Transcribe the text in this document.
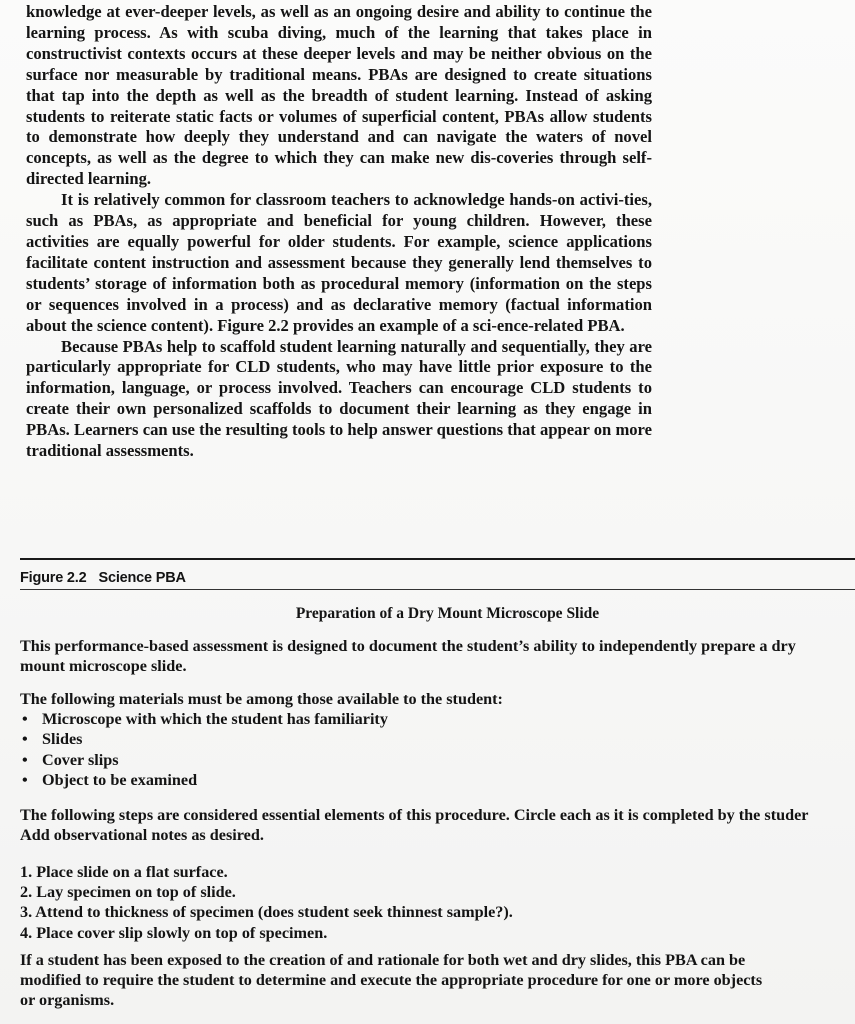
knowledge at ever-deeper levels, as well as an ongoing desire and ability to continue the learning process. As with scuba diving, much of the learning that takes place in constructivist contexts occurs at these deeper levels and may be neither obvious on the surface nor measurable by traditional means. PBAs are designed to create situations that tap into the depth as well as the breadth of student learning. Instead of asking students to reiterate static facts or volumes of superficial content, PBAs allow students to demonstrate how deeply they understand and can navigate the waters of novel concepts, as well as the degree to which they can make new dis-coveries through self-directed learning.

It is relatively common for classroom teachers to acknowledge hands-on activi-ties, such as PBAs, as appropriate and beneficial for young children. However, these activities are equally powerful for older students. For example, science applications facilitate content instruction and assessment because they generally lend themselves to students’ storage of information both as procedural memory (information on the steps or sequences involved in a process) and as declarative memory (factual information about the science content). Figure 2.2 provides an example of a sci-ence-related PBA.

Because PBAs help to scaffold student learning naturally and sequentially, they are particularly appropriate for CLD students, who may have little prior exposure to the information, language, or process involved. Teachers can encourage CLD students to create their own personalized scaffolds to document their learning as they engage in PBAs. Learners can use the resulting tools to help answer questions that appear on more traditional assessments.

Figure 2.2 Science PBA
Preparation of a Dry Mount Microscope Slide

This performance-based assessment is designed to document the student’s ability to independently prepare a dry

mount microscope slide.

The following materials must be among those available to the student:

• Microscope with which the student has familiarity
• Slides
• Cover slips
• Object to be examined

The following steps are considered essential elements of this procedure. Circle each as it is completed by the studer

Add observational notes as desired.

1. Place slide on a flat surface.
2. Lay specimen on top of slide.
3. Attend to thickness of specimen (does student seek thinnest sample?).
4. Place cover slip slowly on top of specimen.

If a student has been exposed to the creation of and rationale for both wet and dry slides, this PBA can be

modified to require the student to determine and execute the appropriate procedure for one or more objects

or organisms.
